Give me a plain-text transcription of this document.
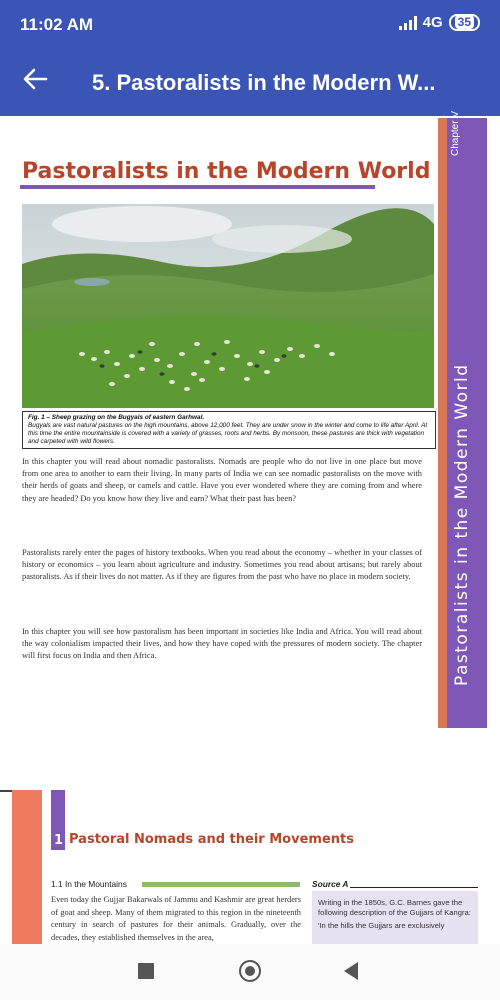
11:02 AM	4G	35
5. Pastoralists in the Modern W...
Chapter V
Pastoralists in the Modern World
Pastoralists in the Modern World
Fig. 1 – Sheep grazing on the Bugyals of eastern Garhwal.
Bugyals are vast natural pastures on the high mountains, above 12,000 feet. They are under snow in the winter and come to life after April. At this time the entire mountainside is covered with a variety of grasses, roots and herbs. By monsoon, these pastures are thick with vegetation and carpeted with wild flowers.

In this chapter you will read about nomadic pastoralists. Nomads are people who do not live in one place but move from one area to another to earn their living. In many parts of India we can see nomadic pastoralists on the move with their herds of goats and sheep, or camels and cattle. Have you ever wondered where they are coming from and where they are headed? Do you know how they live and earn? What their past has been?

Pastoralists rarely enter the pages of history textbooks. When you read about the economy – whether in your classes of history or economics – you learn about agriculture and industry. Sometimes you read about artisans; but rarely about pastoralists. As if their lives do not matter. As if they are figures from the past who have no place in modern society.

In this chapter you will see how pastoralism has been important in societies like India and Africa. You will read about the way colonialism impacted their lives, and how they have coped with the pressures of modern society. The chapter will first focus on India and then Africa.

1 Pastoral Nomads and their Movements
1.1 In the Mountains

Even today the Gujjar Bakarwals of Jammu and Kashmir are great herders of goat and sheep. Many of them migrated to this region in the nineteenth century in search of pastures for their animals. Gradually, over the decades, they established themselves in the area,

Source A

Writing in the 1850s, G.C. Barnes gave the following description of the Gujjars of Kangra:

'In the hills the Gujjars are exclusively
